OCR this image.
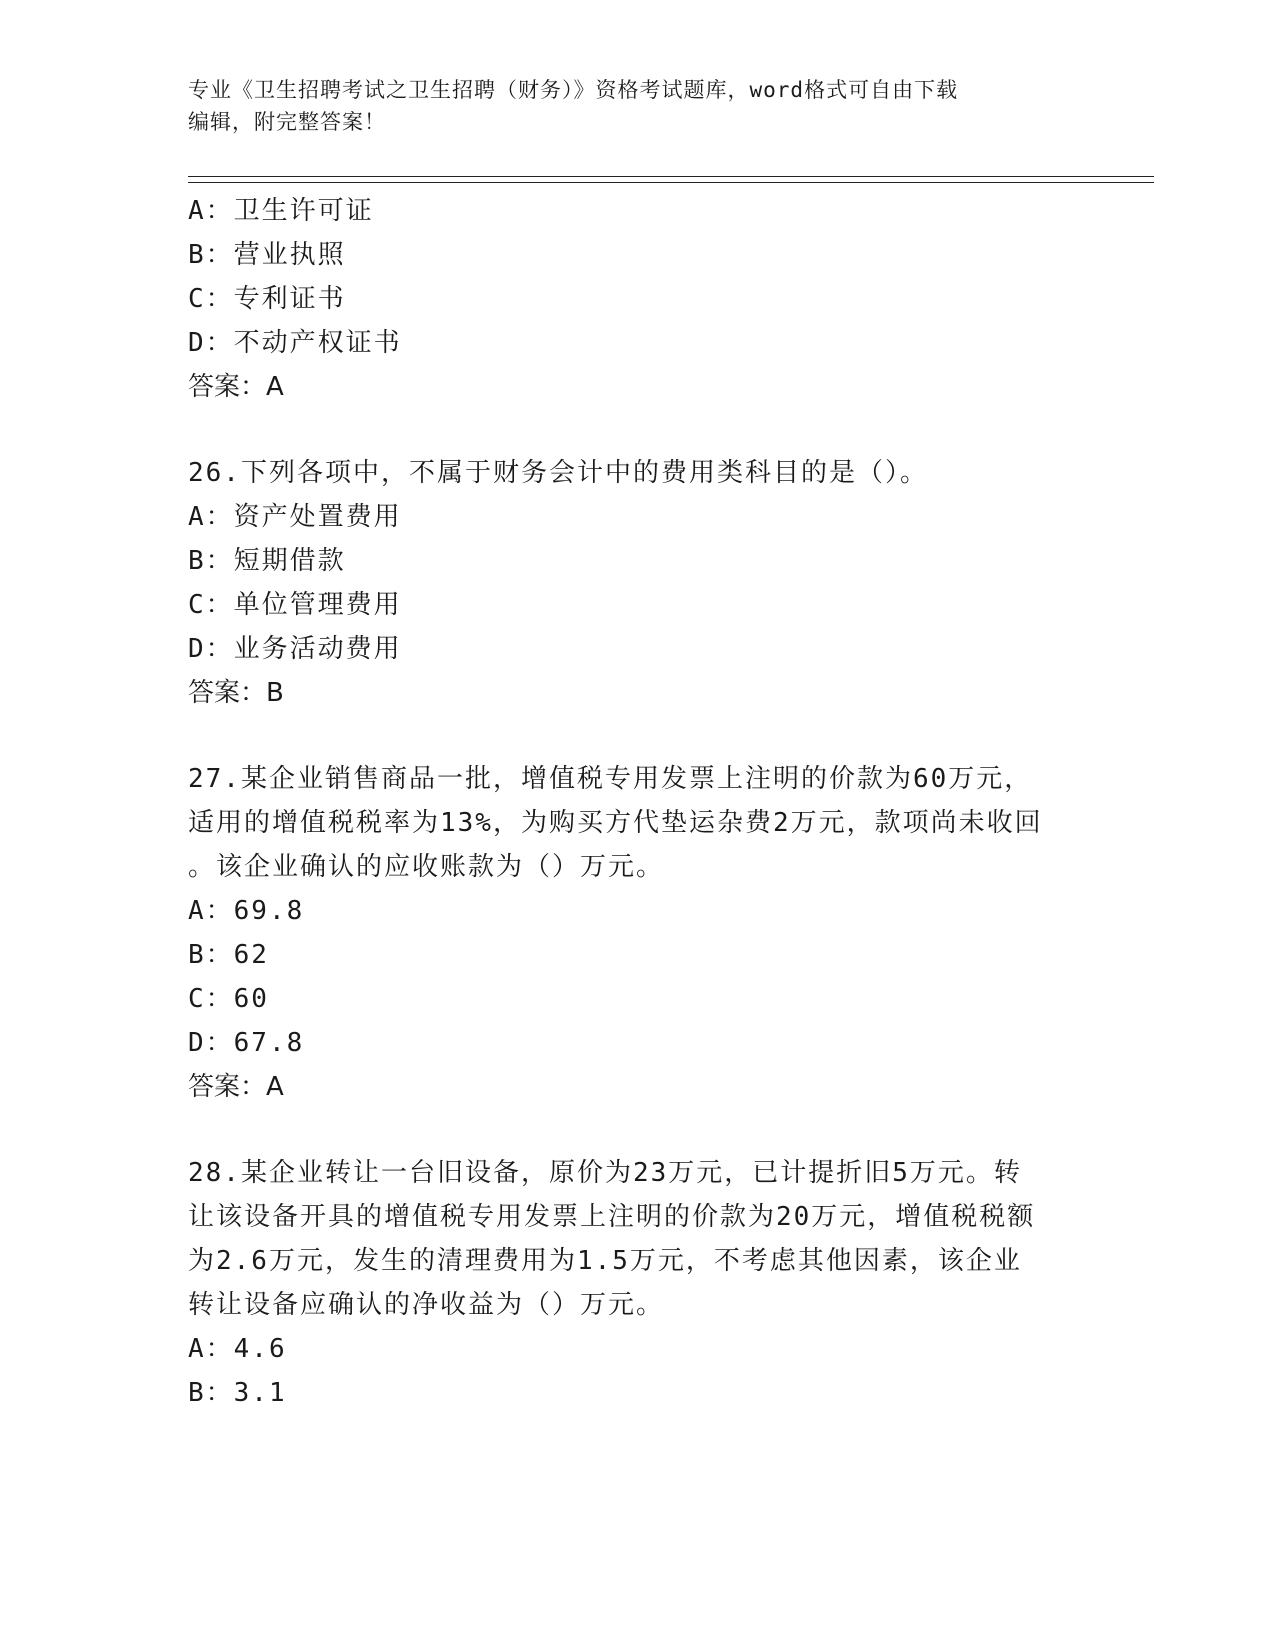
专业《卫生招聘考试之卫生招聘（财务）》资格考试题库，word格式可自由下载
编辑，附完整答案！
A：卫生许可证
B：营业执照
C：专利证书
D：不动产权证书
答案：A
26.下列各项中，不属于财务会计中的费用类科目的是（）。
A：资产处置费用
B：短期借款
C：单位管理费用
D：业务活动费用
答案：B
27.某企业销售商品一批，增值税专用发票上注明的价款为60万元，
适用的增值税税率为13%，为购买方代垫运杂费2万元，款项尚未收回
。该企业确认的应收账款为（）万元。
A：69.8
B：62
C：60
D：67.8
答案：A
28.某企业转让一台旧设备，原价为23万元，已计提折旧5万元。转
让该设备开具的增值税专用发票上注明的价款为20万元，增值税税额
为2.6万元，发生的清理费用为1.5万元，不考虑其他因素，该企业
转让设备应确认的净收益为（）万元。
A：4.6
B：3.1
